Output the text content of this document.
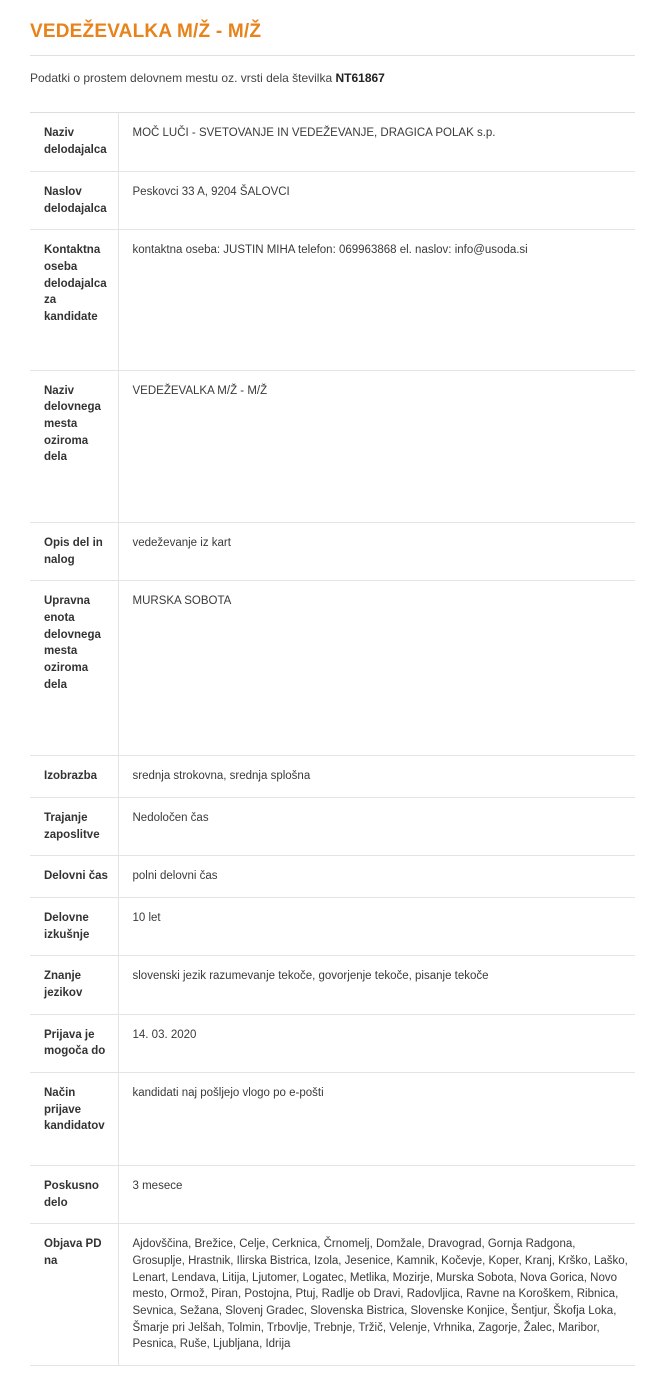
VEDEŽEVALKA M/Ž - M/Ž

Podatki o prostem delovnem mestu oz. vrsti dela številka NT61867

Naziv delodajalca	MOČ LUČI - SVETOVANJE IN VEDEŽEVANJE, DRAGICA POLAK s.p.
Naslov delodajalca	Peskovci 33 A, 9204 ŠALOVCI
Kontaktna oseba delodajalca za kandidate	kontaktna oseba: JUSTIN MIHA telefon: 069963868 el. naslov: info@usoda.si
Naziv delovnega mesta oziroma dela	VEDEŽEVALKA M/Ž - M/Ž
Opis del in nalog	vedeževanje iz kart
Upravna enota delovnega mesta oziroma dela	MURSKA SOBOTA
Izobrazba	srednja strokovna, srednja splošna
Trajanje zaposlitve	Nedoločen čas
Delovni čas	polni delovni čas
Delovne izkušnje	10 let
Znanje jezikov	slovenski jezik razumevanje tekoče, govorjenje tekoče, pisanje tekoče
Prijava je mogoča do	14. 03. 2020
Način prijave kandidatov	kandidati naj pošljejo vlogo po e-pošti
Poskusno delo	3 mesece
Objava PD na	Ajdovščina, Brežice, Celje, Cerknica, Črnomelj, Domžale, Dravograd, Gornja Radgona, Grosuplje, Hrastnik, Ilirska Bistrica, Izola, Jesenice, Kamnik, Kočevje, Koper, Kranj, Krško, Laško, Lenart, Lendava, Litija, Ljutomer, Logatec, Metlika, Mozirje, Murska Sobota, Nova Gorica, Novo mesto, Ormož, Piran, Postojna, Ptuj, Radlje ob Dravi, Radovljica, Ravne na Koroškem, Ribnica, Sevnica, Sežana, Slovenj Gradec, Slovenska Bistrica, Slovenske Konjice, Šentjur, Škofja Loka, Šmarje pri Jelšah, Tolmin, Trbovlje, Trebnje, Tržič, Velenje, Vrhnika, Zagorje, Žalec, Maribor, Pesnica, Ruše, Ljubljana, Idrija
